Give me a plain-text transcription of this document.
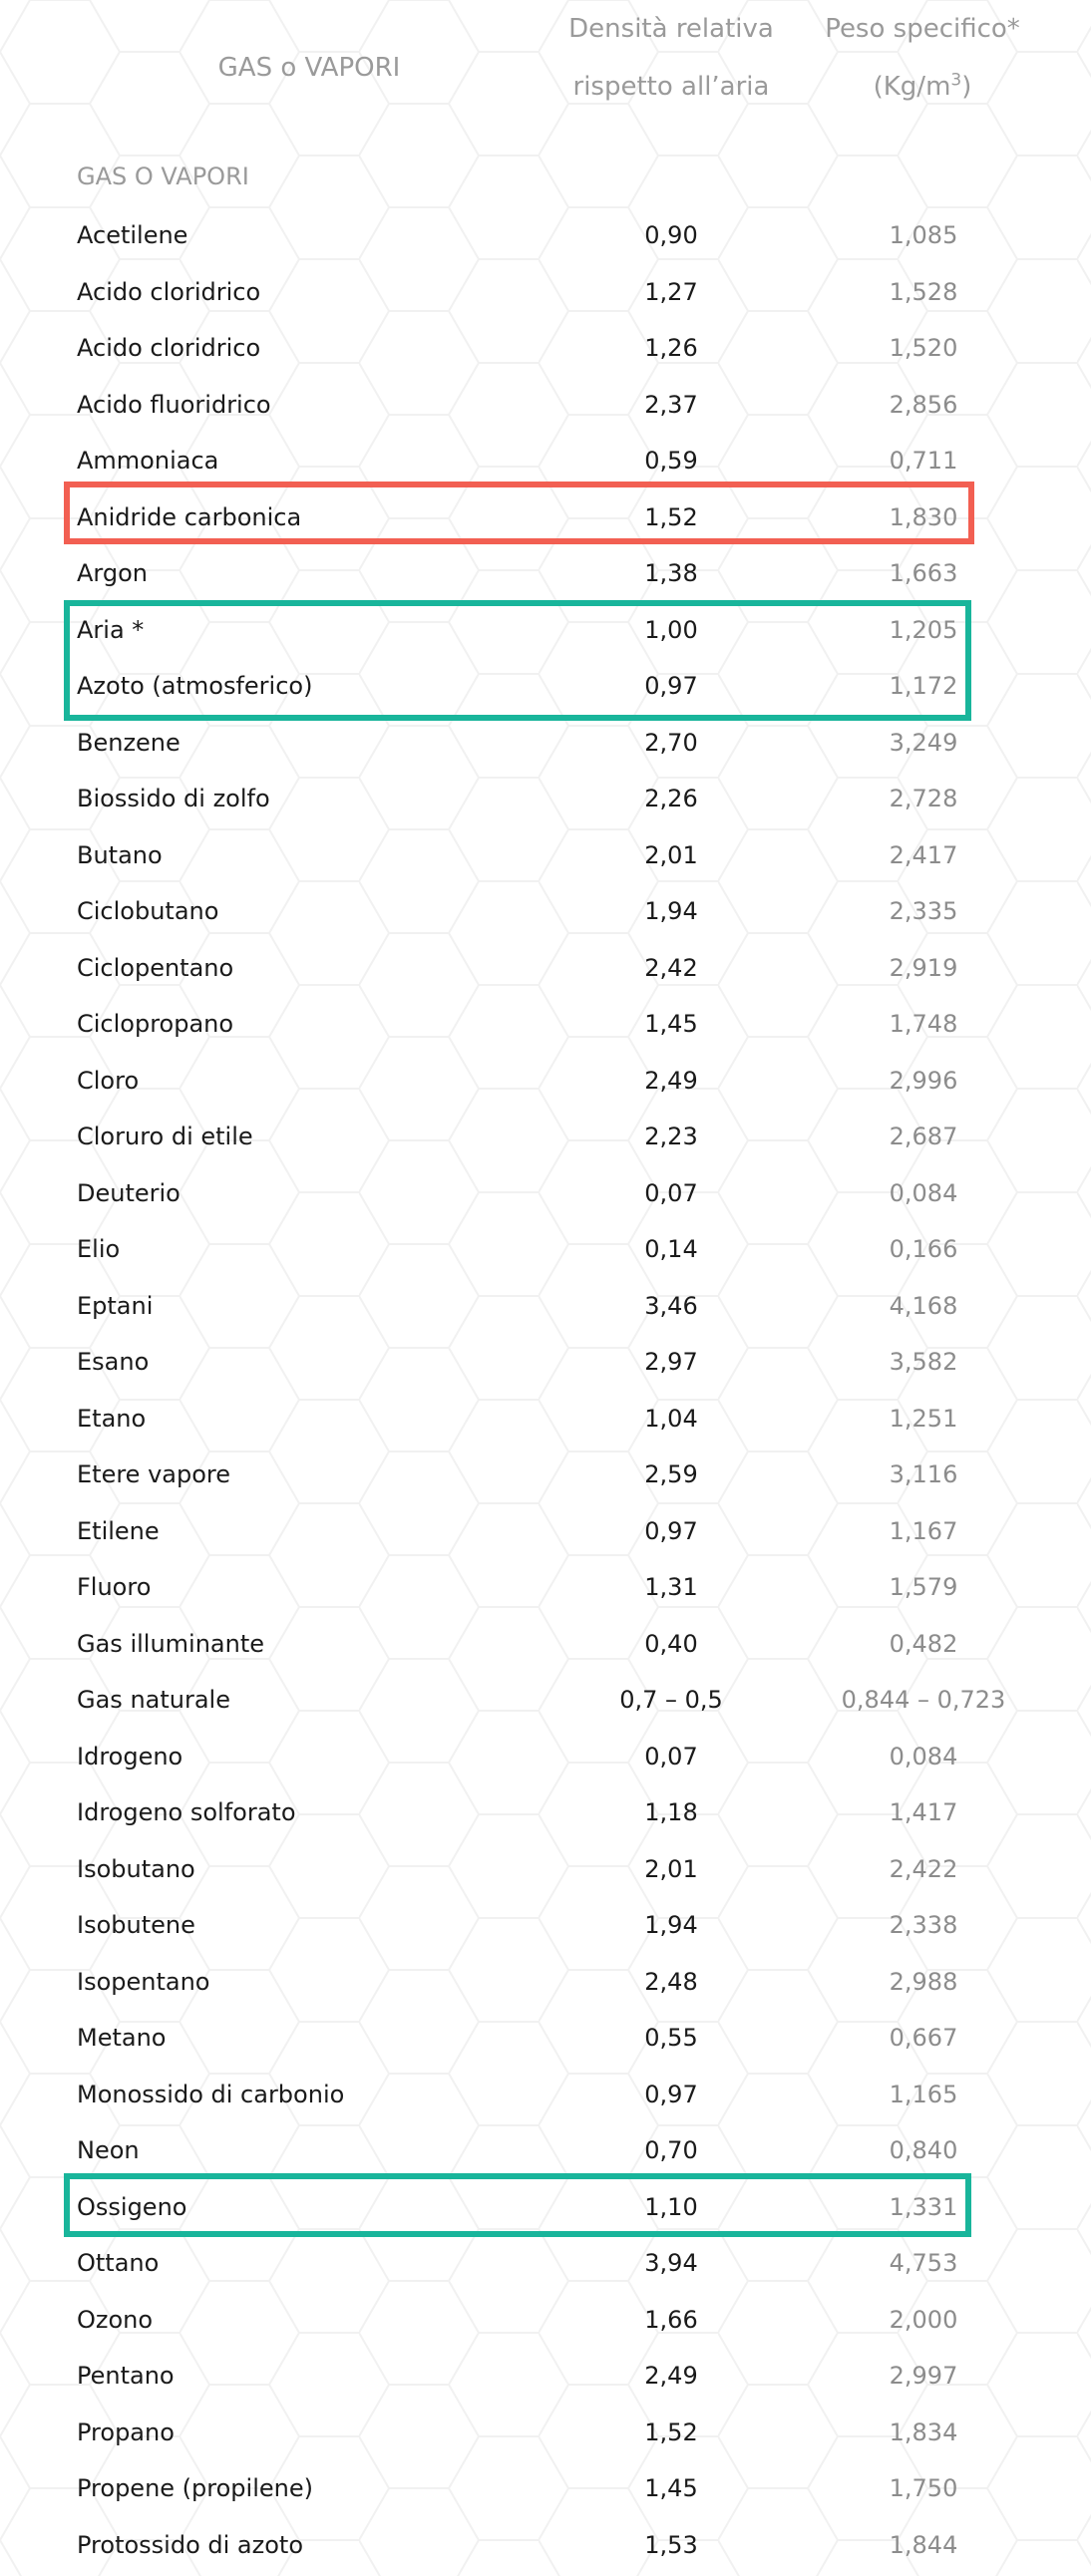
GAS o VAPORI
Densità relativa
rispetto all’aria
Peso specifico*
$(Kg/m^3)$
GAS O VAPORI
Acetilene	0,90	1,085
Acido cloridrico	1,27	1,528
Acido cloridrico	1,26	1,520
Acido fluoridrico	2,37	2,856
Ammoniaca	0,59	0,711
Anidride carbonica	1,52	1,830
Argon	1,38	1,663
Aria *	1,00	1,205
Azoto (atmosferico)	0,97	1,172
Benzene	2,70	3,249
Biossido di zolfo	2,26	2,728
Butano	2,01	2,417
Ciclobutano	1,94	2,335
Ciclopentano	2,42	2,919
Ciclopropano	1,45	1,748
Cloro	2,49	2,996
Cloruro di etile	2,23	2,687
Deuterio	0,07	0,084
Elio	0,14	0,166
Eptani	3,46	4,168
Esano	2,97	3,582
Etano	1,04	1,251
Etere vapore	2,59	3,116
Etilene	0,97	1,167
Fluoro	1,31	1,579
Gas illuminante	0,40	0,482
Gas naturale	0,7 – 0,5	0,844 – 0,723
Idrogeno	0,07	0,084
Idrogeno solforato	1,18	1,417
Isobutano	2,01	2,422
Isobutene	1,94	2,338
Isopentano	2,48	2,988
Metano	0,55	0,667
Monossido di carbonio	0,97	1,165
Neon	0,70	0,840
Ossigeno	1,10	1,331
Ottano	3,94	4,753
Ozono	1,66	2,000
Pentano	2,49	2,997
Propano	1,52	1,834
Propene (propilene)	1,45	1,750
Protossido di azoto	1,53	1,844
